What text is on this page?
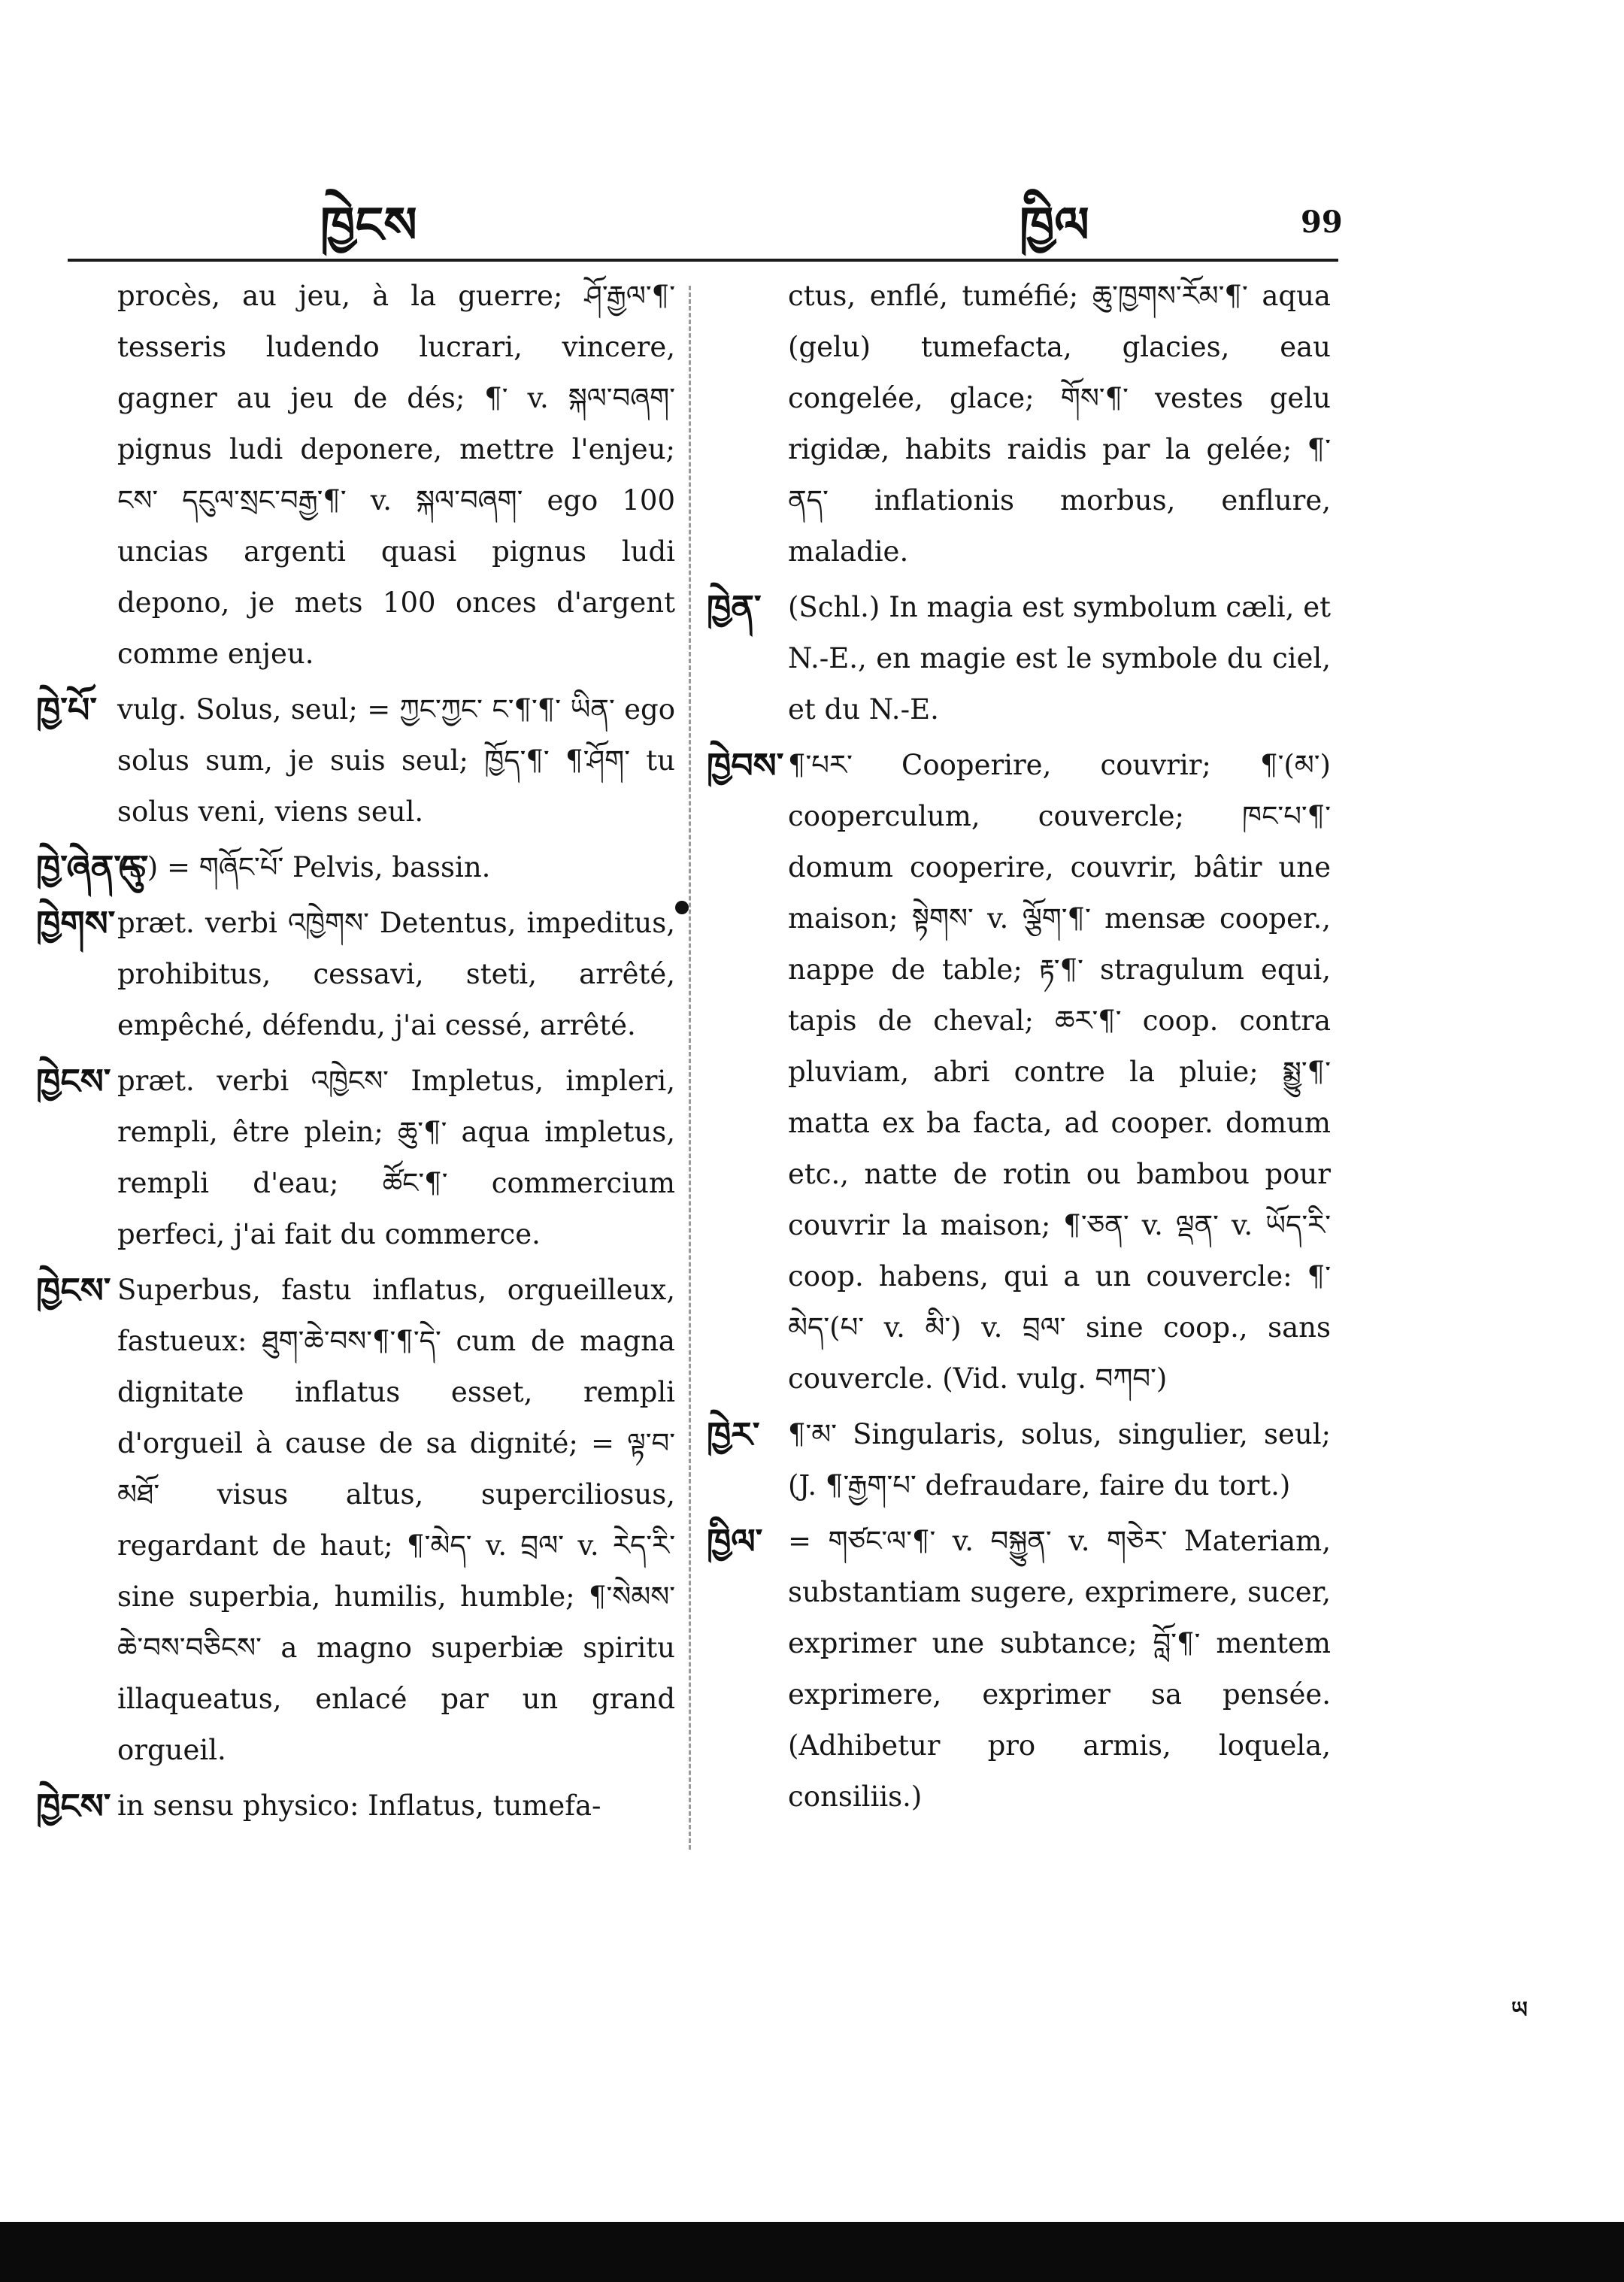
ཁྱེངས	ཁྱིལ	99
procès, au jeu, à la guerre; ཤོ་རྒྱལ་¶་ tesseris ludendo lucrari, vincere, gagner au jeu de dés; ¶་ v. སྐལ་བཞག་ pignus ludi deponere, mettre l'enjeu; ངས་ དངུལ་སྲང་བརྒྱ་¶་ v. སྐལ་བཞག་ ego 100 uncias argenti quasi pignus ludi depono, je mets 100 onces d'argent comme enjeu.
ཁྱེ་པོ་ vulg. Solus, seul; = ཀྱང་ཀྱང་ ང་¶་¶་ ཡིན་ ego solus sum, je suis seul; ཁྱོད་¶་ ¶་ཤོག་ tu solus veni, viens seul.
ཁྱེ་ཞེན་དུ་
(S) = གཞོང་པོ་ Pelvis, bassin.
ཁྱེགས་ præt. verbi འཁྱེགས་ Detentus, impeditus, prohibitus, cessavi, steti, arrêté, empêché, défendu, j'ai cessé, arrêté.
ཁྱེངས་ præt. verbi འཁྱེངས་ Impletus, impleri, rempli, être plein; ཆུ་¶་ aqua impletus, rempli d'eau; ཚོང་¶་ commercium perfeci, j'ai fait du commerce.
ཁྱེངས་ Superbus, fastu inflatus, orgueilleux, fastueux: ཐུག་ཆེ་བས་¶་¶་དེ་ cum de magna dignitate inflatus esset, rempli d'orgueil à cause de sa dignité; = ལྟ་བ་མཐོ་ visus altus, superciliosus, regardant de haut; ¶་མེད་ v. བྲལ་ v. རེད་རི་ sine superbia, humilis, humble; ¶་སེམས་ཆེ་བས་བཅིངས་ a magno superbiæ spiritu illaqueatus, enlacé par un grand orgueil.
ཁྱེངས་ in sensu physico: Inflatus, tumefa-
ctus, enflé, tuméfié; ཆུ་ཁྱགས་རོམ་¶་ aqua (gelu) tumefacta, glacies, eau congelée, glace; གོས་¶་ vestes gelu rigidæ, habits raidis par la gelée; ¶་ནད་ inflationis morbus, enflure, maladie.
ཁྱེན་ (Schl.) In magia est symbolum cæli, et N.-E., en magie est le symbole du ciel, et du N.-E.
ཁྱེབས་ ¶་པར་ Cooperire, couvrir; ¶་(མ་) cooperculum, couvercle; ཁང་པ་¶་ domum cooperire, couvrir, bâtir une maison; སྟེགས་ v. ལྕོག་¶་ mensæ cooper., nappe de table; རྟ་¶་ stragulum equi, tapis de cheval; ཆར་¶་ coop. contra pluviam, abri contre la pluie; སྨྱུ་¶་ matta ex ba facta, ad cooper. domum etc., natte de rotin ou bambou pour couvrir la maison; ¶་ཅན་ v. ལྡན་ v. ཡོད་རི་ coop. habens, qui a un couvercle: ¶་མེད་(པ་ v. མི་) v. བྲལ་ sine coop., sans couvercle. (Vid. vulg. བཀབ་)
ཁྱེར་ ¶་མ་ Singularis, solus, singulier, seul; (J. ¶་རྒྱག་པ་ defraudare, faire du tort.)
ཁྱིལ་ = གཙང་ལ་¶་ v. བསྐྱུན་ v. གཅེར་ Materiam, substantiam sugere, exprimere, sucer, exprimer une subtance; བློ་¶་ mentem exprimere, exprimer sa pensée. (Adhibetur pro armis, loquela, consiliis.)
ཡ
